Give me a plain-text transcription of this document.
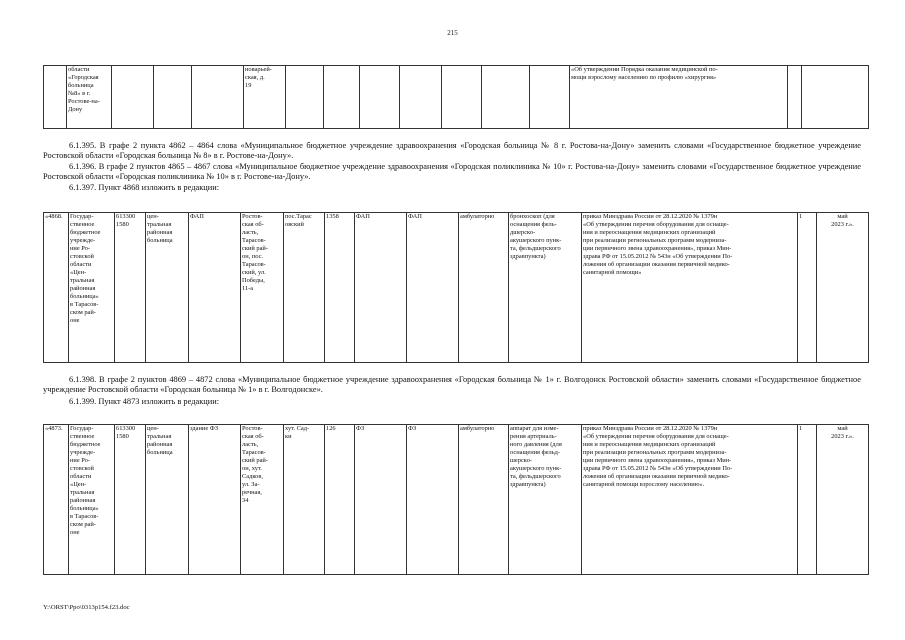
215
	области
«Городская
больница
№8» в г.
Ростове-на-
Дону				новарьей-
ская, д.
19								«Об утверждении Порядка оказания медицинской по-
мощи взрослому населению по профилю «хирургия»		
6.1.395. В графе 2 пункта 4862 – 4864 слова «Муниципальное бюджетное учреждение здравоохранения «Городская больница № 8 г. Ростова-на-Дону» заменить словами «Государственное бюджетное учреждение Ростовской области «Городская больница № 8» в г. Ростове-на-Дону».
6.1.396. В графе 2 пунктов 4865 – 4867 слова «Муниципальное бюджетное учреждение здравоохранения «Городская поликлиника № 10» г. Ростова-на-Дону» заменить словами «Государственное бюджетное учреждение Ростовской области «Городская поликлиника № 10» в г. Ростове-на-Дону».
6.1.397. Пункт 4868 изложить в редакции:
«4868.	Государ-
ственное
бюджетное
учрежде-
ние Ро-
стовской
области
«Цен-
тральная
районная
больница»
в Тарасов-
ском рай-
оне	613300
1580	цен-
тральная
районная
больница	ФАП	Ростов-
ская об-
ласть,
Тарасов-
ский рай-
он, пос.
Тарасов-
ский, ул.
Победы,
11-а	пос.Тарас
овский	1358	ФАП	ФАП	амбулаторно	бронхоскоп (для
оснащения фель-
дшерско-
акушерского пунк-
та, фельдшерского
здравпункта)	приказ Минздрава России от 28.12.2020 № 1379н
«Об утверждении перечня оборудования для оснаще-
ния и переоснащения медицинских организаций
при реализации региональных программ модерниза-
ции первичного звена здравоохранения», приказ Мин-
здрава РФ от 15.05.2012 № 543н «Об утверждении По-
ложения об организации оказания первичной медико-
санитарной помощи»	1	май
2023 г.».
6.1.398. В графе 2 пунктов 4869 – 4872 слова «Муниципальное бюджетное учреждение здравоохранения «Городская больница № 1» г. Волгодонск Ростовской области» заменить словами «Государственное бюджетное учреждение Ростовской области «Городская больница № 1» в г. Волгодонске».
6.1.399. Пункт 4873 изложить в редакции:
«4873.	Государ-
ственное
бюджетное
учрежде-
ние Ро-
стовской
области
«Цен-
тральная
районная
больница»
в Тарасов-
ском рай-
оне	613300
1580	цен-
тральная
районная
больница	здание ФЗ	Ростов-
ская об-
ласть,
Тарасов-
ский рай-
он, хут.
Садков,
ул. За-
речная,
34	хут. Сад-
ки	126	ФЗ	ФЗ	амбулаторно	аппарат для изме-
рения артериаль-
ного давления (для
оснащения фельд-
шерско-
акушерского пунк-
та, фельдшерского
здравпункта)	приказ Минздрава России от 28.12.2020 № 1379н
«Об утверждении перечня оборудования для оснаще-
ния и переоснащения медицинских организаций
при реализации региональных программ модерниза-
ции первичного звена здравоохранения», приказ Мин-
здрава РФ от 15.05.2012 № 543н «Об утверждении По-
ложения об организации оказания первичной медико-
санитарной помощи взрослому населению».	1	май
2023 г.».
Y:\ORST\Ppo\0313p154.f23.doc
